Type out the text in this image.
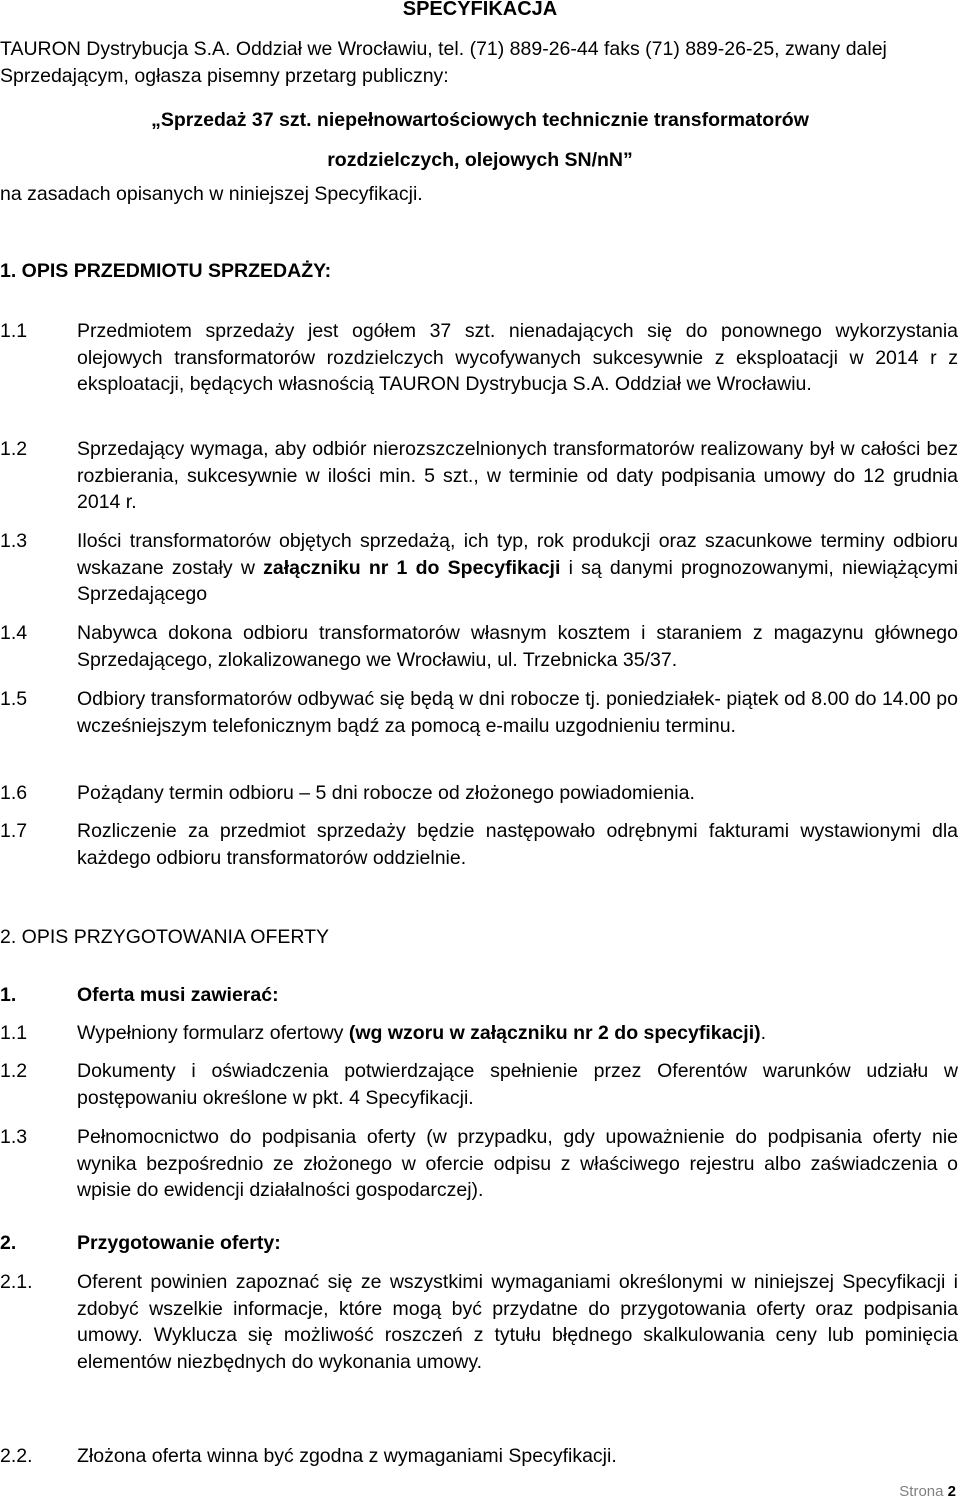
SPECYFIKACJA
TAURON Dystrybucja S.A. Oddział we Wrocławiu, tel. (71) 889-26-44 faks (71) 889-26-25, zwany dalej Sprzedającym, ogłasza pisemny przetarg publiczny:
„Sprzedaż 37 szt. niepełnowartościowych technicznie transformatorów
rozdzielczych, olejowych SN/nN”
na zasadach opisanych w niniejszej Specyfikacji.
1. OPIS PRZEDMIOTU SPRZEDAŻY:
1.1	Przedmiotem sprzedaży jest ogółem 37 szt. nienadających się do ponownego wykorzystania olejowych transformatorów rozdzielczych wycofywanych sukcesywnie z eksploatacji w 2014 r z eksploatacji, będących własnością TAURON Dystrybucja S.A. Oddział we Wrocławiu.
1.2	Sprzedający wymaga, aby odbiór nierozszczelnionych transformatorów realizowany był w całości bez rozbierania, sukcesywnie w ilości min. 5 szt., w terminie od daty podpisania umowy do 12 grudnia 2014 r.
1.3	Ilości transformatorów objętych sprzedażą, ich typ, rok produkcji oraz szacunkowe terminy odbioru wskazane zostały w załączniku nr 1 do Specyfikacji i są danymi prognozowanymi, niewiążącymi Sprzedającego
1.4	Nabywca dokona odbioru transformatorów własnym kosztem i staraniem z magazynu głównego Sprzedającego, zlokalizowanego we Wrocławiu, ul. Trzebnicka 35/37.
1.5	Odbiory transformatorów odbywać się będą w dni robocze tj. poniedziałek- piątek od 8.00 do 14.00 po wcześniejszym telefonicznym bądź za pomocą e-mailu uzgodnieniu terminu.
1.6	Pożądany termin odbioru – 5 dni robocze od złożonego powiadomienia.
1.7	Rozliczenie za przedmiot sprzedaży będzie następowało odrębnymi fakturami wystawionymi dla każdego odbioru transformatorów oddzielnie.
2. OPIS PRZYGOTOWANIA OFERTY
1.	Oferta musi zawierać:
1.1	Wypełniony formularz ofertowy (wg wzoru w załączniku nr 2 do specyfikacji).
1.2	Dokumenty i oświadczenia potwierdzające spełnienie przez Oferentów warunków udziału w postępowaniu określone w pkt. 4 Specyfikacji.
1.3	Pełnomocnictwo do podpisania oferty (w przypadku, gdy upoważnienie do podpisania oferty nie wynika bezpośrednio ze złożonego w ofercie odpisu z właściwego rejestru albo zaświadczenia o wpisie do ewidencji działalności gospodarczej).
2.	Przygotowanie oferty:
2.1.	Oferent powinien zapoznać się ze wszystkimi wymaganiami określonymi w niniejszej Specyfikacji i zdobyć wszelkie informacje, które mogą być przydatne do przygotowania oferty oraz podpisania umowy. Wyklucza się możliwość roszczeń z tytułu błędnego skalkulowania ceny lub pominięcia elementów niezbędnych do wykonania umowy.
2.2.	Złożona oferta winna być zgodna z wymaganiami Specyfikacji.
Strona 2
